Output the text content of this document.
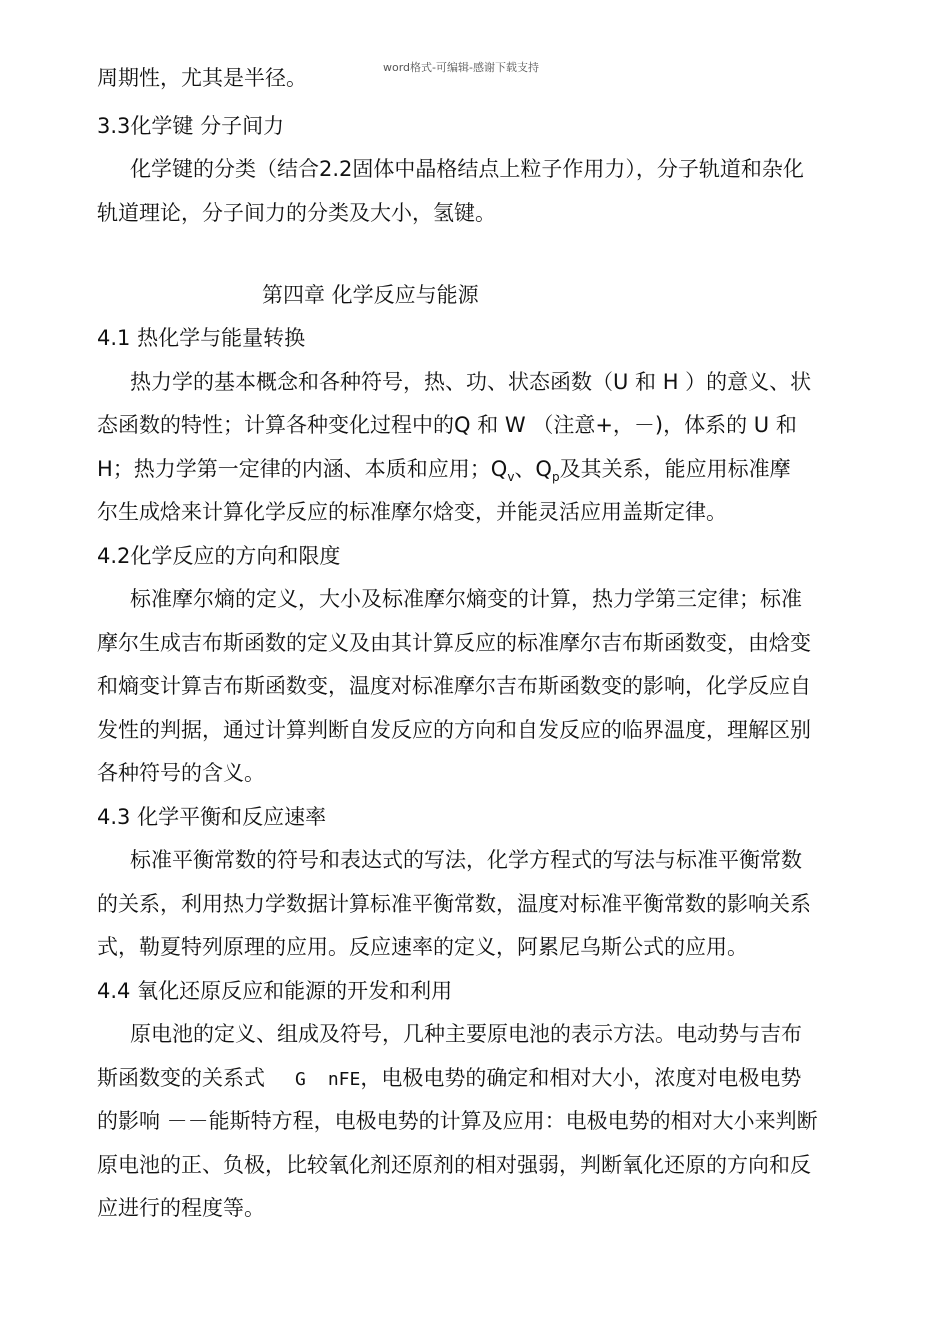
word格式-可编辑-感谢下载支持
周期性，尤其是半径。
3.3化学键 分子间力
化学键的分类（结合2.2固体中晶格结点上粒子作用力），分子轨道和杂化
轨道理论，分子间力的分类及大小，氢键。
第四章 化学反应与能源
4.1 热化学与能量转换
热力学的基本概念和各种符号，热、功、状态函数（U 和 H ）的意义、状
态函数的特性；计算各种变化过程中的Q 和 W （注意+，－)，体系的 U 和
H；热力学第一定律的内涵、本质和应用；$Q_v$、$Q_p$及其关系，能应用标准摩
尔生成焓来计算化学反应的标准摩尔焓变，并能灵活应用盖斯定律。
4.2化学反应的方向和限度
标准摩尔熵的定义，大小及标准摩尔熵变的计算，热力学第三定律；标准
摩尔生成吉布斯函数的定义及由其计算反应的标准摩尔吉布斯函数变，由焓变
和熵变计算吉布斯函数变，温度对标准摩尔吉布斯函数变的影响，化学反应自
发性的判据，通过计算判断自发反应的方向和自发反应的临界温度，理解区别
各种符号的含义。
4.3 化学平衡和反应速率
标准平衡常数的符号和表达式的写法，化学方程式的写法与标准平衡常数
的关系，利用热力学数据计算标准平衡常数，温度对标准平衡常数的影响关系
式，勒夏特列原理的应用。反应速率的定义，阿累尼乌斯公式的应用。
4.4 氧化还原反应和能源的开发和利用
原电池的定义、组成及符号，几种主要原电池的表示方法。电动势与吉布
斯函数变的关系式 G nFE，电极电势的确定和相对大小，浓度对电极电势
的影响 －－能斯特方程，电极电势的计算及应用：电极电势的相对大小来判断
原电池的正、负极，比较氧化剂还原剂的相对强弱，判断氧化还原的方向和反
应进行的程度等。
